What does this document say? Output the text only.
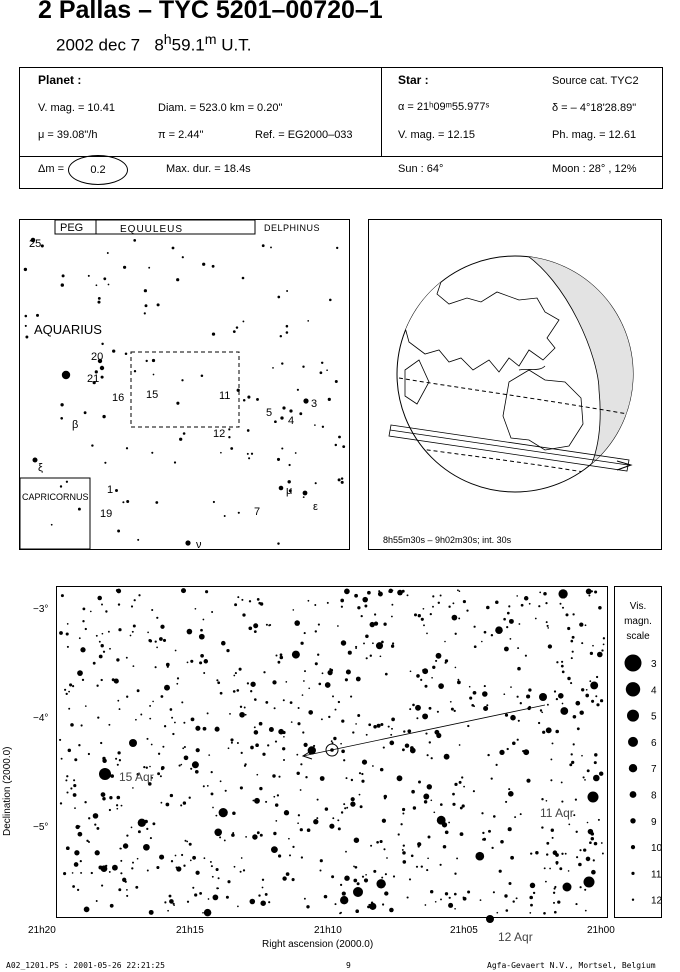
2 Pallas – TYC 5201–00720–1
2002 dec 7 8$^h$59.1$^m$ U.T.
Planet :
V. mag. = 10.41	Diam. = 523.0 km = 0.20"
μ = 39.08"/h	π = 2.44"	Ref. = EG2000–033
Star :	Source cat. TYC2
α = 21ʰ09ᵐ55.977ˢ	δ = – 4°18'28.89"
V. mag. = 12.15	Ph. mag. = 12.61
Δm =	0.2	Max. dur. = 18.4s	Sun : 64°	Moon : 28° , 12%
PEG	EQUULEUS	DELPHINUS
AQUARIUS
CAPRICORNUS
25
20
21
16 15	11
5
4
3
12
β
ξ
1
19
μ
7	ε
ν	8h55m30s – 9h02m30s; int. 30s
15 Aqr
11 Aqr
21h20	21h15	21h10	21h05	21h00
−3°
−4°
−5°
Right ascension (2000.0)
Declination (2000.0)
12 Aqr
Vis.
magn.
scale
3
4
5
6
7
8
9
10
11
12
A02_1201.PS : 2001-05-26 22:21:25	9	Agfa-Gevaert N.V., Mortsel, Belgium
